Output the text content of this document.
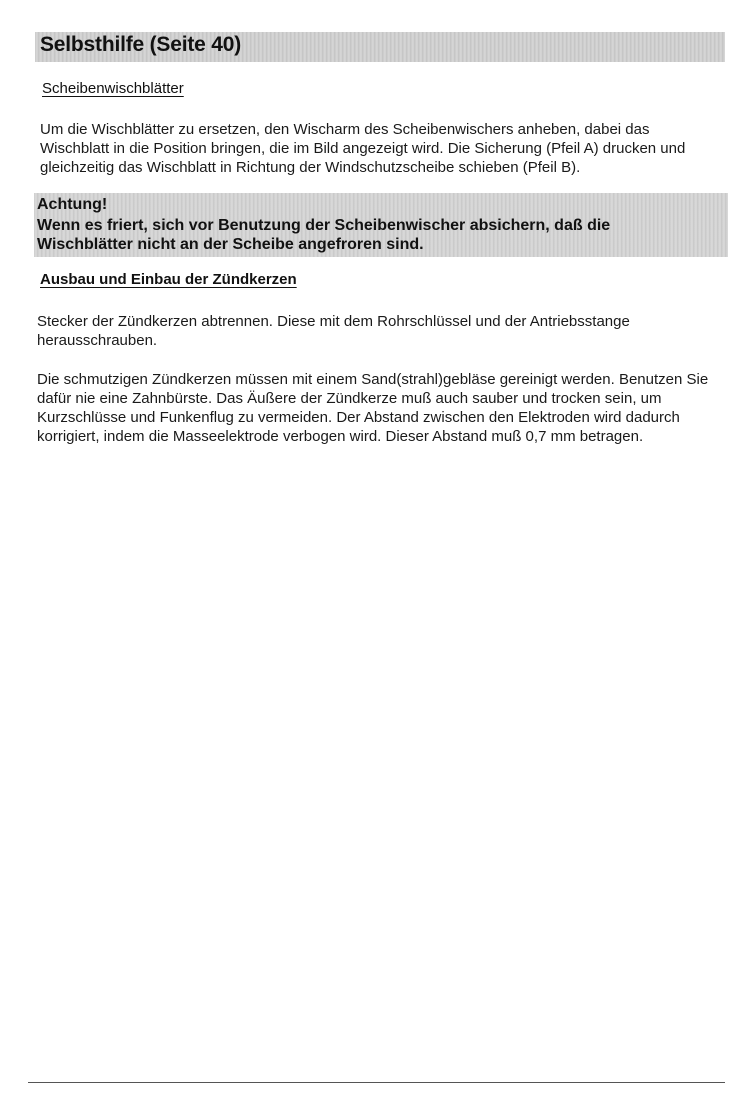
Selbsthilfe (Seite 40)
Scheibenwischblätter
Um die Wischblätter zu ersetzen, den Wischarm des Scheibenwischers anheben, dabei das Wischblatt in die Position bringen, die im Bild angezeigt wird. Die Sicherung (Pfeil A) drucken und gleichzeitig das Wischblatt in Richtung der Windschutzscheibe schieben (Pfeil B).
Achtung!
Wenn es friert, sich vor Benutzung der Scheibenwischer absichern, daß die Wischblätter nicht an der Scheibe angefroren sind.
Ausbau und Einbau der Zündkerzen
Stecker der Zündkerzen abtrennen. Diese mit dem Rohrschlüssel und der Antriebsstange herausschrauben.
Die schmutzigen Zündkerzen müssen mit einem Sand(strahl)gebläse gereinigt werden. Benutzen Sie dafür nie eine Zahnbürste. Das Äußere der Zündkerze muß auch sauber und trocken sein, um Kurzschlüsse und Funkenflug zu vermeiden. Der Abstand zwischen den Elektroden wird dadurch korrigiert, indem die Masseelektrode verbogen wird. Dieser Abstand muß 0,7 mm betragen.
